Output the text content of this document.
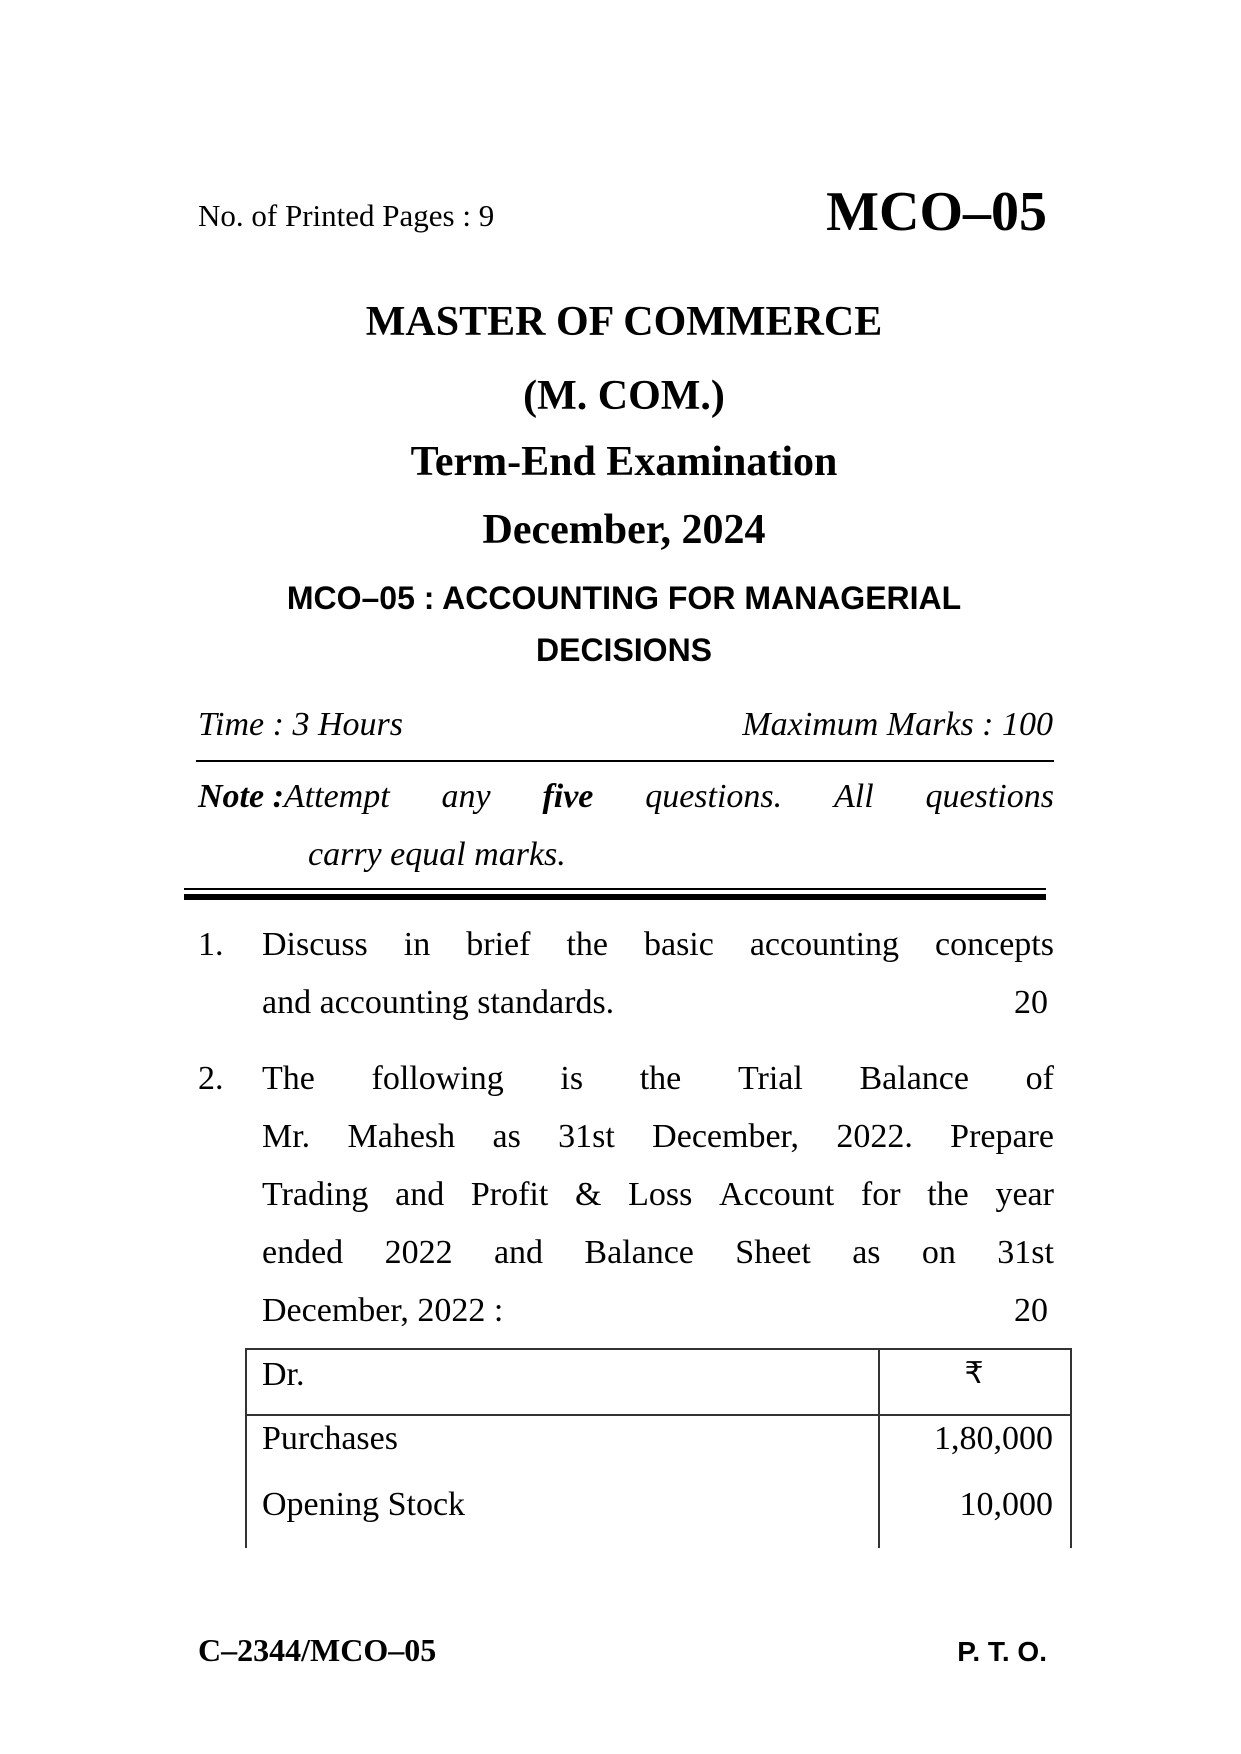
No. of Printed Pages : 9	MCO–05
MASTER OF COMMERCE
(M. COM.)
Term-End Examination
December, 2024
MCO–05 : ACCOUNTING FOR MANAGERIAL
DECISIONS
Time : 3 Hours	Maximum Marks : 100
Note :Attempt any five questions. All questions
carry equal marks.
1. Discuss in brief the basic accounting concepts
and accounting standards.	20
2. The following is the Trial Balance of
Mr. Mahesh as 31st December, 2022. Prepare
Trading and Profit & Loss Account for the year
ended 2022 and Balance Sheet as on 31st
December, 2022 :	20
Dr.	₹
Purchases	1,80,000
Opening Stock	10,000
C–2344/MCO–05	P. T. O.
